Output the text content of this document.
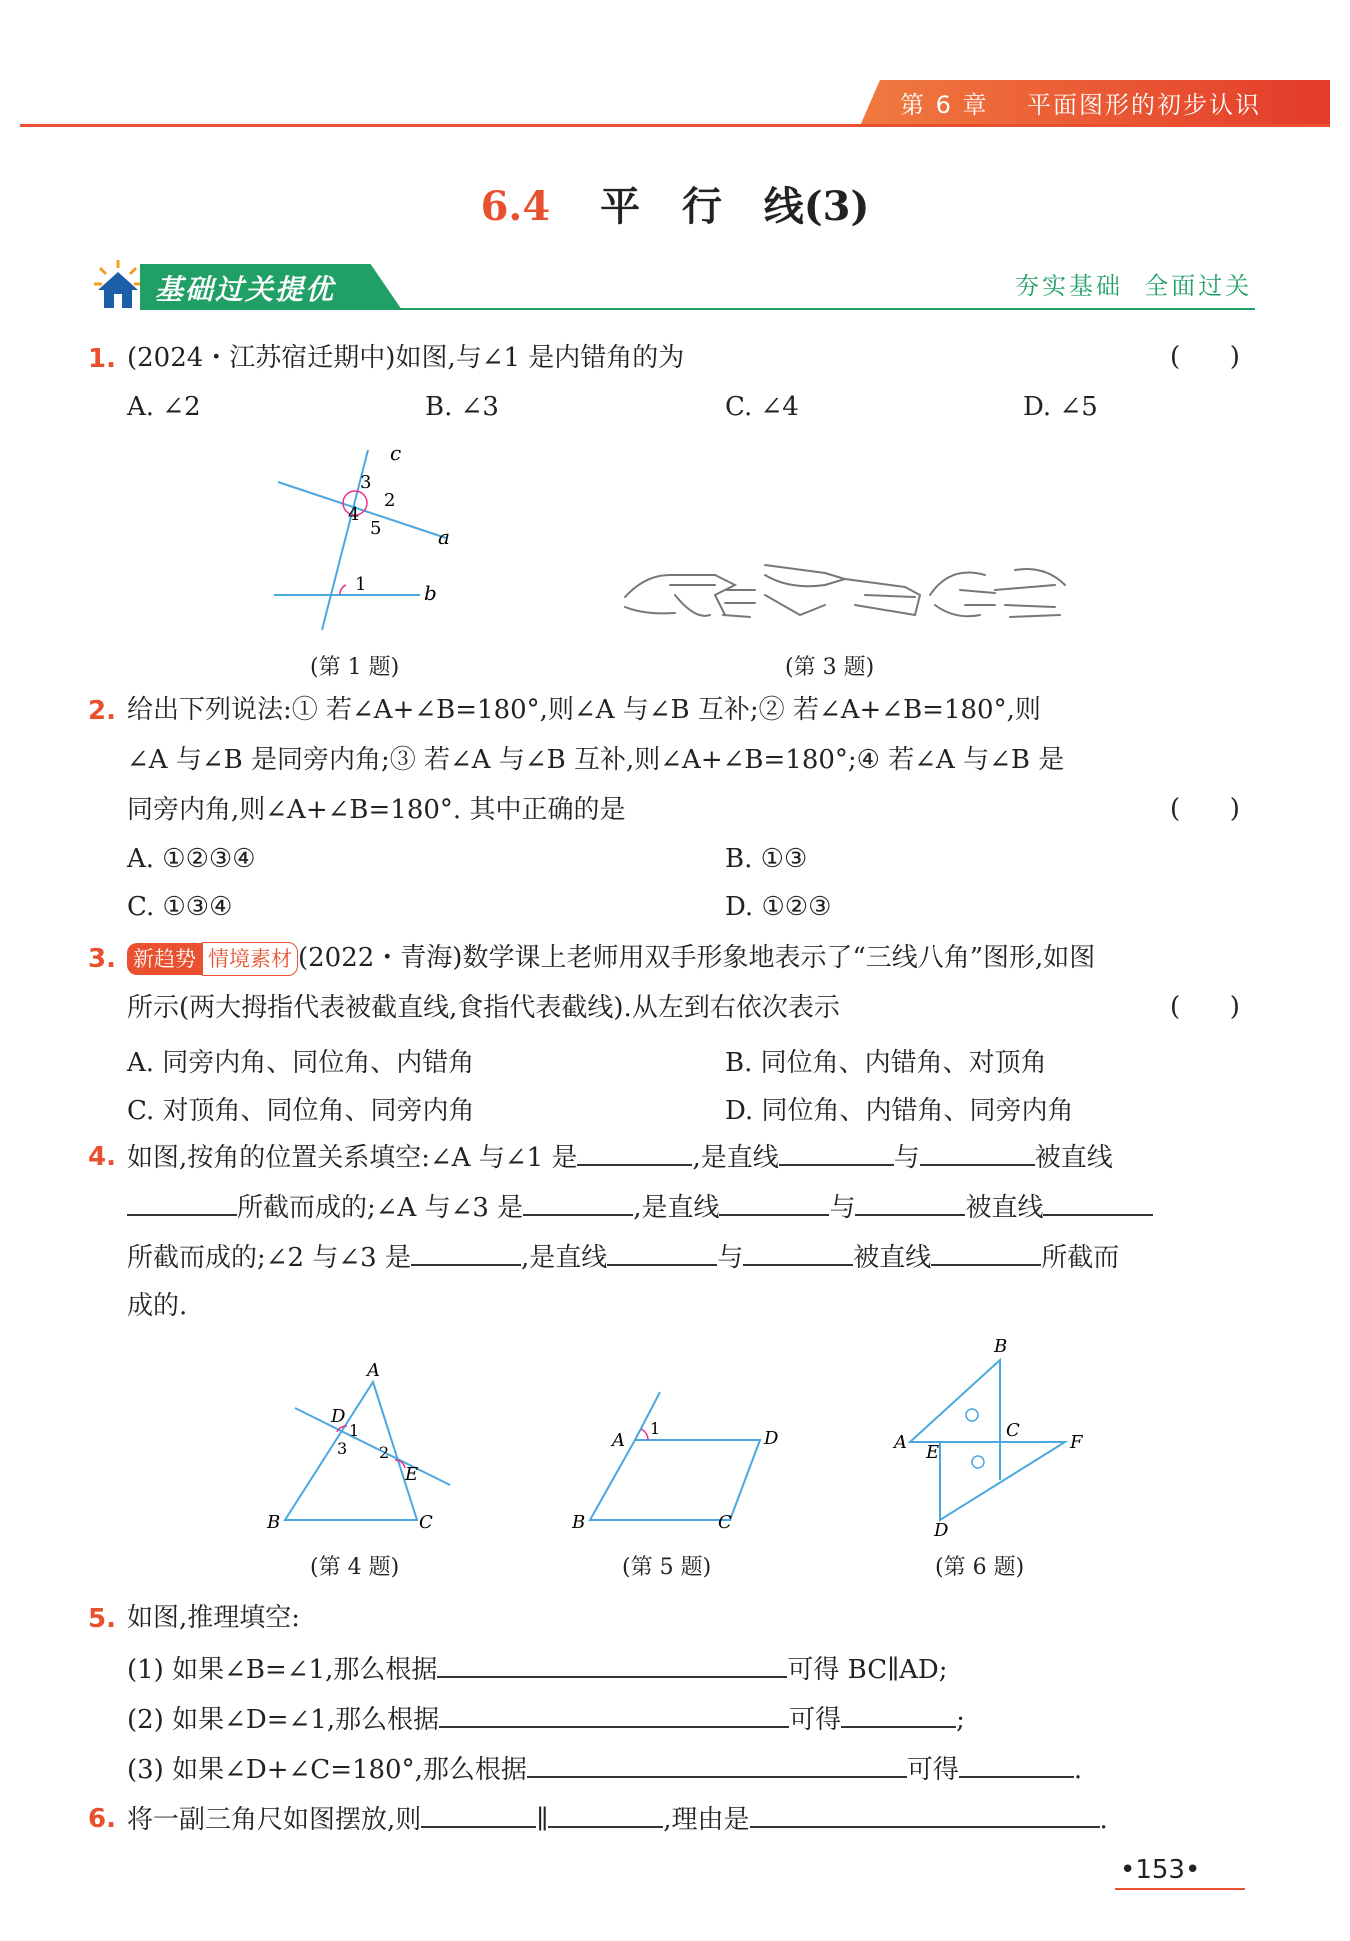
第 6 章    平面图形的初步认识
6.4 平   行   线(3)
基础过关提优	夯实基础  全面过关
1. (2024・江苏宿迁期中)如图,与∠1 是内错角的为	(      )
A. ∠2	B. ∠3	C. ∠4	D. ∠5
c
3
2
4
5	a
1	b
(第 1 题)	(第 3 题)
2. 给出下列说法:① 若∠A+∠B=180°,则∠A 与∠B 互补;② 若∠A+∠B=180°,则
∠A 与∠B 是同旁内角;③ 若∠A 与∠B 互补,则∠A+∠B=180°;④ 若∠A 与∠B 是
同旁内角,则∠A+∠B=180°. 其中正确的是	(      )
A. ①②③④	B. ①③
C. ①③④	D. ①②③
3. 新趋势 情境素材 (2022・青海)数学课上老师用双手形象地表示了“三线八角”图形,如图
所示(两大拇指代表被截直线,食指代表截线).从左到右依次表示	(      )
A. 同旁内角、同位角、内错角	B. 同位角、内错角、对顶角
C. 对顶角、同位角、同旁内角	D. 同位角、内错角、同旁内角
4. 如图,按角的位置关系填空:∠A 与∠1 是	,是直线	与	被直线
所截而成的;∠A 与∠3 是	,是直线	与	被直线
所截而成的;∠2 与∠3 是	,是直线	与	被直线	所截而
成的.
A
D
1
3 2
E
B	C
(第 4 题)
A
1	D
B	C
(第 5 题)
B
A E
C
F
D
(第 6 题)
5. 如图,推理填空:
(1) 如果∠B=∠1,那么根据	可得 BC∥AD;
(2) 如果∠D=∠1,那么根据	可得	;
(3) 如果∠D+∠C=180°,那么根据	可得	.
6. 将一副三角尺如图摆放,则	∥	,理由是	.
•153•
